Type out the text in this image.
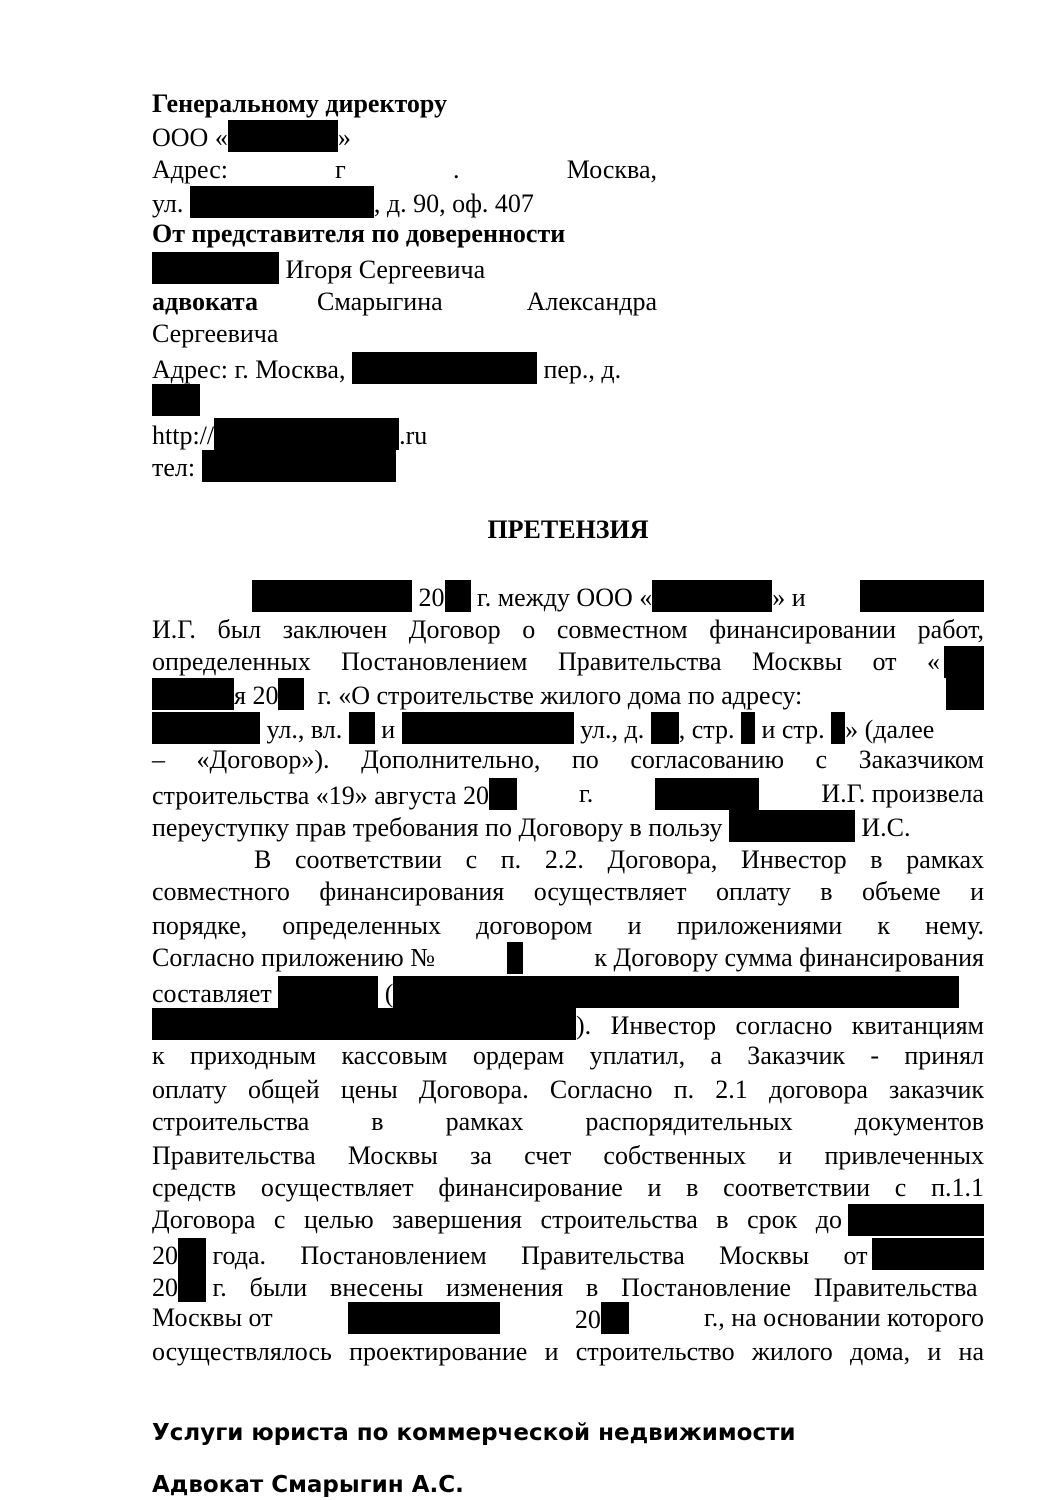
Генеральному директору
ООО «	»
Адрес: г . Москва,
ул.	, д. 90, оф. 407
От представителя по доверенности
Игоря Сергеевича
адвоката Смарыгина	Александра
Сергеевича
Адрес: г. Москва,	пер., д.
http://	.ru
тел:
ПРЕТЕНЗИЯ
20 г. между ООО «	» и
И.Г. был заключен Договор о совместном финансировании работ,
определенных Постановлением Правительства Москвы от «
я 20 г. «О строительстве жилого дома по адресу:
ул., вл. и	ул., д. , стр. и стр. » (далее
– «Договор»). Дополнительно, по согласованию с Заказчиком
строительства «19» августа 20	г.	И.Г. произвела
переуступку прав требования по Договору в пользу	И.С.
В соответствии с п. 2.2. Договора, Инвестор в рамках
совместного финансирования осуществляет оплату в объеме и
порядке, определенных договором и приложениями к нему.
Согласно приложению №	к Договору сумма финансирования
составляет	(
). Инвестор согласно квитанциям
к приходным кассовым ордерам уплатил, а Заказчик - принял
оплату общей цены Договора. Согласно п. 2.1 договора заказчик
строительства в рамках распорядительных документов
Правительства Москвы за счет собственных и привлеченных
средств осуществляет финансирование и в соответствии с п.1.1
Договора с целью завершения строительства в срок до
20 года. Постановлением Правительства Москвы от
20 г. были внесены изменения в Постановление Правительства
Москвы от	20	г., на основании которого
осуществлялось проектирование и строительство жилого дома, и на
Услуги юриста по коммерческой недвижимости
Адвокат Смарыгин А.С.
